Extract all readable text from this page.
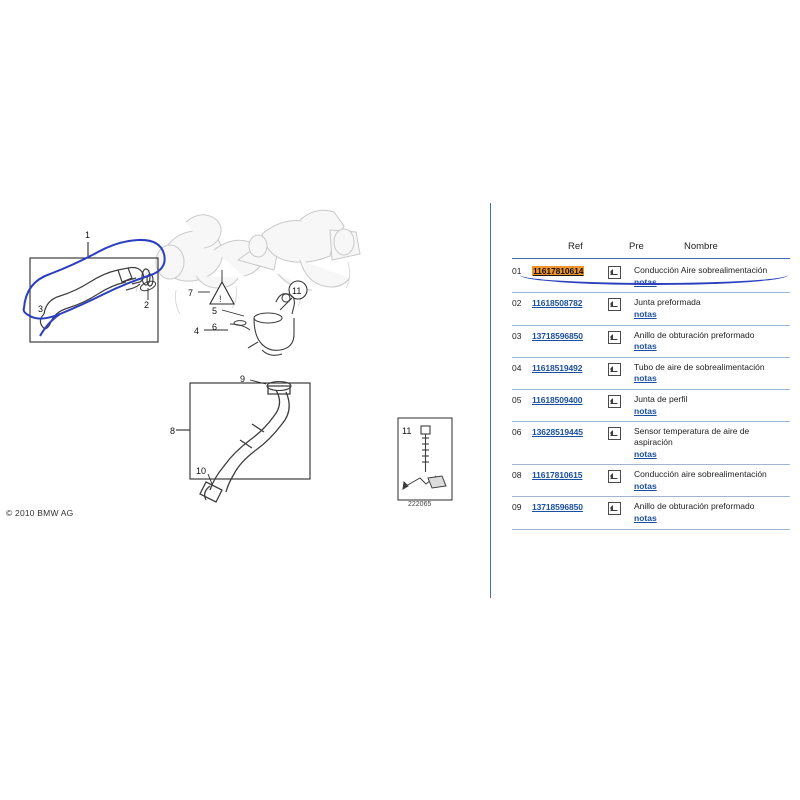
1
3	2
!
7	11
5
4 6
8
9
10
11
222065
© 2010 BMW AG
Ref	Pre	Nombre
01	11617810614	Conducción Aire sobrealimentación
notas
02	11618508782	Junta preformada
notas
03	13718596850	Anillo de obturación preformado
notas
04	11618519492	Tubo de aire de sobrealimentación
notas
05	11618509400	Junta de perfil
notas
06	13628519445	Sensor temperatura de aire de aspiración
notas
08	11617810615	Conducción aire sobrealimentación
notas
09	13718596850	Anillo de obturación preformado
notas
